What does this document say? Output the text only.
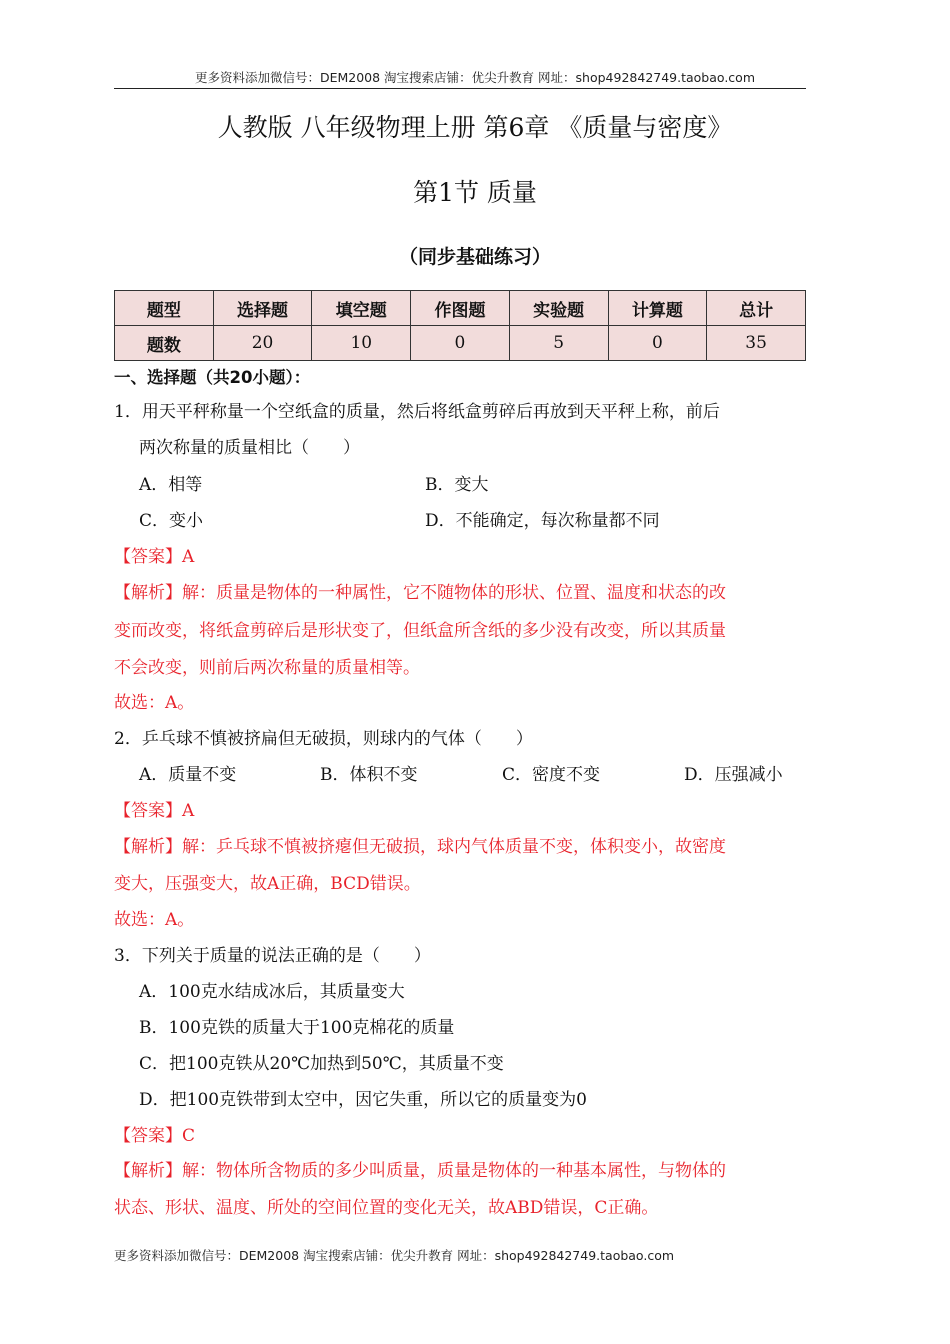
更多资料添加微信号：DEM2008 淘宝搜索店铺：优尖升教育 网址：shop492842749.taobao.com
人教版 八年级物理上册 第6章 《质量与密度》
第1节 质量
（同步基础练习）
题型	选择题	填空题	作图题	实验题	计算题	总计
题数	20	10	0	5	0	35
一、选择题（共20小题）：
1．用天平秤称量一个空纸盒的质量，然后将纸盒剪碎后再放到天平秤上称，前后
两次称量的质量相比（　　）
A．相等	B．变大
C．变小	D．不能确定，每次称量都不同
【答案】A
【解析】解：质量是物体的一种属性，它不随物体的形状、位置、温度和状态的改
变而改变，将纸盒剪碎后是形状变了，但纸盒所含纸的多少没有改变，所以其质量
不会改变，则前后两次称量的质量相等。
故选：A。
2．乒乓球不慎被挤扁但无破损，则球内的气体（　　）
A．质量不变	B．体积不变	C．密度不变	D．压强减小
【答案】A
【解析】解：乒乓球不慎被挤瘪但无破损，球内气体质量不变，体积变小，故密度
变大，压强变大，故A正确，BCD错误。
故选：A。
3．下列关于质量的说法正确的是（　　）
A．100克水结成冰后，其质量变大
B．100克铁的质量大于100克棉花的质量
C．把100克铁从20℃加热到50℃，其质量不变
D．把100克铁带到太空中，因它失重，所以它的质量变为0
【答案】C
【解析】解：物体所含物质的多少叫质量，质量是物体的一种基本属性，与物体的
状态、形状、温度、所处的空间位置的变化无关，故ABD错误，C正确。
更多资料添加微信号：DEM2008 淘宝搜索店铺：优尖升教育 网址：shop492842749.taobao.com
